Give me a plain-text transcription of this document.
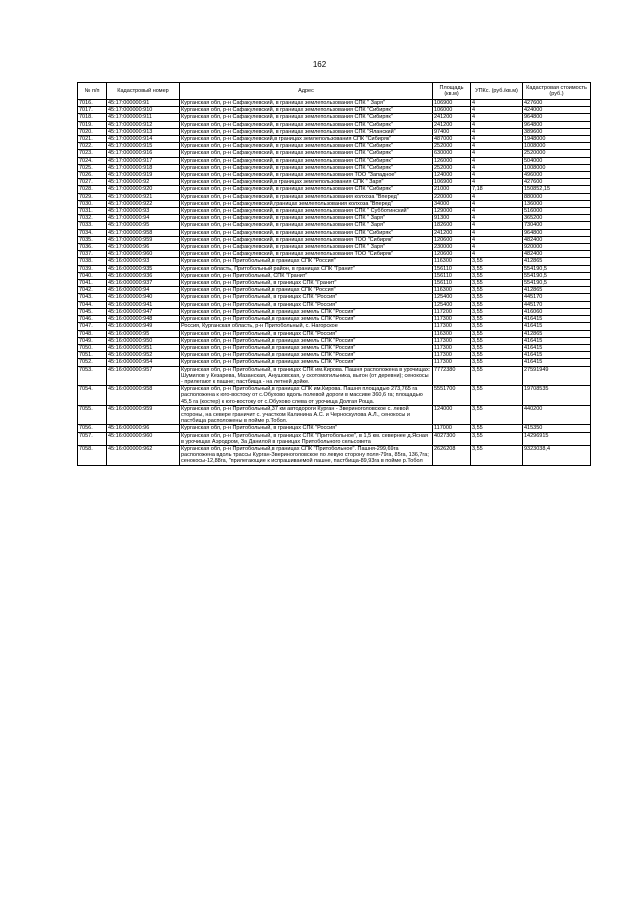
162
№ п/п	Кадастровый номер	Адрес	Площадь (кв.м)	УПКс. (руб./кв.м)	Кадастровая стоимость (руб.)
7016.	45:17:000000:91	Курганская обл, р-н Сафакулевский, в границах землепользования СПК " Заря"	106900	4	427600
7017.	45:17:000000:910	Курганская обл, р-н Сафакулевский, в границах землепользования СПК "Сибиряк"	106000	4	424000
7018.	45:17:000000:911	Курганская обл, р-н Сафакулевский, в границах землепользования СПК "Сибиряк"	241200	4	964800
7019.	45:17:000000:912	Курганская обл, р-н Сафакулевский, в границах землепользования СПК "Сибиряк"	241200	4	964800
7020.	45:17:000000:913	Курганская обл, р-н Сафакулевский, в границах землепользования СПК "Яланский"	97400	4	389600
7021.	45:17:000000:914	Курганская обл, р-н Сафакулевский,в границах землепользования СПК "Сибиряк"	487000	4	1948000
7022.	45:17:000000:915	Курганская обл, р-н Сафакулевский, в границах землепользования СПК "Сибиряк"	252000	4	1008000
7023.	45:17:000000:916	Курганская обл, р-н Сафакулевский, в границах землепользования СПК "Сибиряк"	630000	4	2520000
7024.	45:17:000000:917	Курганская обл, р-н Сафакулевский, в границах землепользования СПК "Сибиряк"	126000	4	504000
7025.	45:17:000000:918	Курганская обл, р-н Сафакулевский, в границах землепользования СПК "Сибиряк"	252000	4	1008000
7026.	45:17:000000:919	Курганская обл, р-н Сафакулевский, в границах землепользования ТОО "Западное"	124000	4	496000
7027.	45:17:000000:92	Курганская обл, р-н Сафакулевский,в границах землепользования СПК " Заря"	106900	4	427600
7028.	45:17:000000:920	Курганская обл, р-н Сафакулевский, в границах землепользования СПК "Сибиряк"	21000	7,18	150852,15
7029.	45:17:000000:921	Курганская обл, р-н Сафакулевский, в границах землепользования колхоза "Вперед"	220000	4	880000
7030.	45:17:000000:922	Курганская обл, р-н Сафакулевский,границах землепользования колхоза "Вперед"	34000	4	136000
7031.	45:17:000000:93	Курганская обл, р-н Сафакулевский, в границах землепользования СПК " Субботинский"	129000	4	516000
7032.	45:17:000000:94	Курганская обл, р-н Сафакулевский, в границах землепользования СПК " Заря"	91300	4	365200
7033.	45:17:000000:95	Курганская обл, р-н Сафакулевский, в границах землепользования СПК " Заря"	182600	4	730400
7034.	45:17:000000:958	Курганская обл, р-н Сафакулевский, в границах землепользования СПК "Сибиряк"	241200	4	964800
7035.	45:17:000000:959	Курганская обл, р-н Сафакулевский, в границах землепользования ТОО "Сибиряк"	120600	4	482400
7036.	45:17:000000:96	Курганская обл, р-н Сафакулевский, в границах землепользования СПК " Заря"	230000	4	920000
7037.	45:17:000000:960	Курганская обл, р-н Сафакулевский, в границах землепользования ТОО "Сибиряк"	120600	4	482400
7038.	45:16:000000:93	Курганская обл, р-н Притобольный,в границах СПК "Россия"	116300	3,55	412865
7039.	45:16:000000:935	Курганская область, Притобольный район, в границах СПК "Гранит"	156110	3,55	554190,5
7040.	45:16:000000:936	Курганская обл, р-н Притобольный, СПК "Гранит"	156110	3,55	554190,5
7041.	45:16:000000:937	Курганская обл, р-н Притобольный, в границах СПК "Гранит"	156110	3,55	554190,5
7042.	45:16:000000:94	Курганская обл, р-н Притобольный,в границах СПК "Россия"	116300	3,55	412865
7043.	45:16:000000:940	Курганская обл, р-н Притобольный, в границах СПК "Россия"	125400	3,55	445170
7044.	45:16:000000:941	Курганская обл, р-н Притобольный, в границах СПК "Россия"	125400	3,55	445170
7045.	45:16:000000:947	Курганская обл, р-н Притобольный,в границах земель СПК "Россия"	117200	3,55	416060
7046.	45:16:000000:948	Курганская обл, р-н Притобольный,в границах земель СПК "Россия"	117300	3,55	416415
7047.	45:16:000000:949	Россия, Курганская область, р-н Притобольный, с. Нагорское	117300	3,55	416415
7048.	45:16:000000:95	Курганская обл, р-н Притобольный, в границах СПК "Россия"	116300	3,55	412865
7049.	45:16:000000:950	Курганская обл, р-н Притобольный,в границах земель СПК "Россия"	117300	3,55	416415
7050.	45:16:000000:951	Курганская обл, р-н Притобольный,в границах земель СПК "Россия"	117300	3,55	416415
7051.	45:16:000000:952	Курганская обл, р-н Притобольный,в границах земель СПК "Россия"	117300	3,55	416415
7052.	45:16:000000:954	Курганская обл, р-н Притобольный,в границах земель СПК "Россия"	117300	3,55	416415
7053.	45:16:000000:957	Курганская обл, р-н Притобольный, в границах СПК им.Кирова. Пашня расположена в урочищах: Шумилов у Кезарева, Мазанская, Анушовская, у скотомогильника, выгон (от деревни); сенокосы - прилегают к пашне; пастбища - на летней дойке.	7772380	3,55	27591949
7054.	45:16:000000:958	Курганская обл, р-н Притобольный,в границах СПК им.Кирова. Пашня площадью 273,765 га расположена к юго-востоку от с.Обухово вдоль полевой дороги в массиве 360,6 га; площадью 45,5 га (костер) к юго-востоку от с.Обухово слева от урочища Долгая Роща.	5551700	3,55	19708535
7055.	45:16:000000:959	Курганская обл, р-н Притобольный,37 км автодороги Курган - Звериноголовское с. левой стороны, на севере граничит с. участком Калинина А.С. и Черноскулова А.Л., сенокосы и пастбища расположены в пойме р.Тобол.	124000	3,55	440200
7056.	45:16:000000:96	Курганская обл, р-н Притобольный, в границах СПК "Россия"	117000	3,55	415350
7057.	45:16:000000:960	Курганская обл, р-н Притобольный, в границах СПК "Притобольное", в 1,5 км. севернее д.Ясная в урочищах Аэродром, За Данилой в границах Притобольного сельсовета	4027300	3,55	14296915
7058.	45:16:000000:962	Курганская обл, р-н Притобольный,в границах СПК "Притобольное". Пашня-299,69га расположена вдоль трассы Курган-Звериноголовское по левую сторону поля-79га, 85га, 136,7га; сенокосы-12,88га, "прилегающие к испрашиваемой пашне, пастбища-89,93га в пойме р.Тобол	2626208	3,55	9323038,4
